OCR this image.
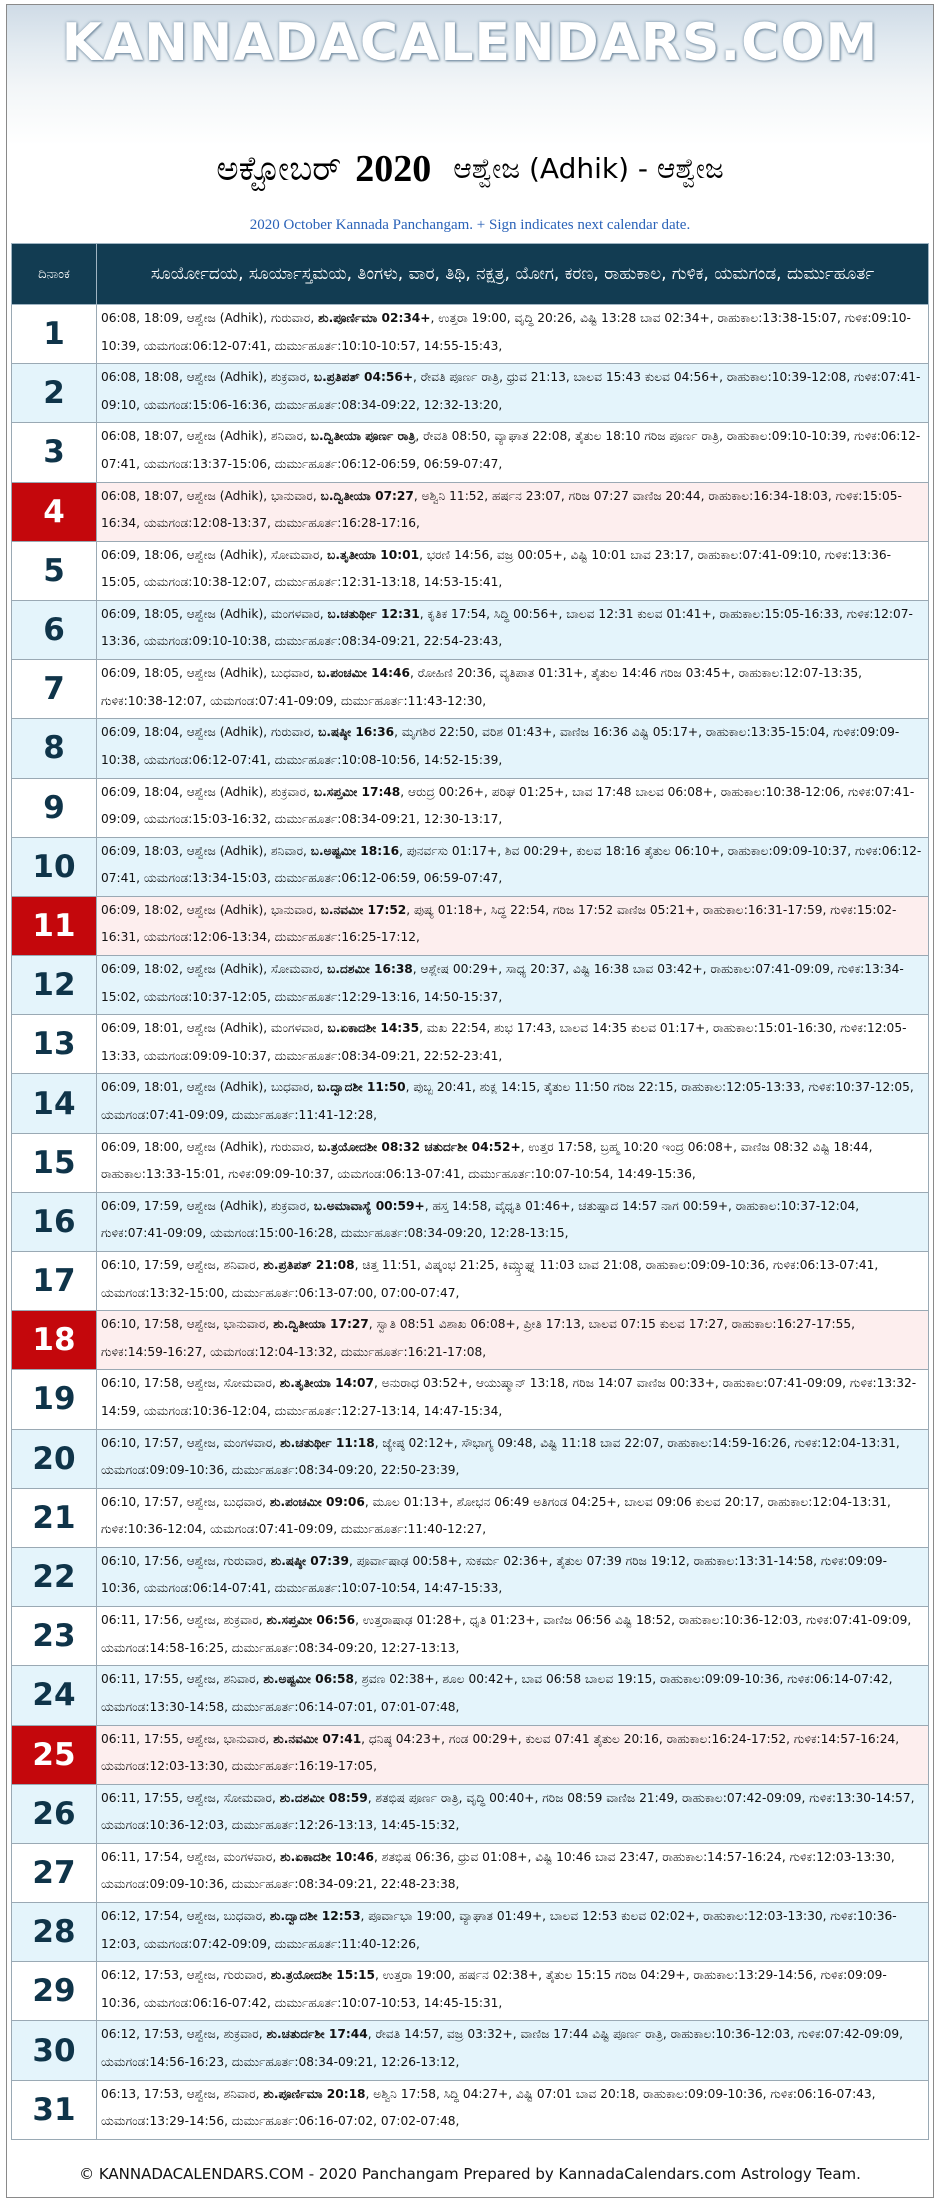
KANNADACALENDARS.COM
ಅಕ್ಟೋಬರ್ 2020 ಆಶ್ವೇಜ (Adhik) - ಆಶ್ವೇಜ
2020 October Kannada Panchangam. + Sign indicates next calendar date.
ದಿನಾಂಕ	ಸೂರ್ಯೋದಯ, ಸೂರ್ಯಾಸ್ತಮಯ, ತಿಂಗಳು, ವಾರ, ತಿಥಿ, ನಕ್ಷತ್ರ, ಯೋಗ, ಕರಣ, ರಾಹುಕಾಲ, ಗುಳಿಕ, ಯಮಗಂಡ, ದುರ್ಮುಹೂರ್ತ
1	06:08, 18:09, ಆಶ್ವೇಜ (Adhik), ಗುರುವಾರ, ಶು.ಪೂರ್ಣಿಮಾ 02:34+, ಉತ್ತರಾ 19:00, ವೃದ್ಧಿ 20:26, ವಿಷ್ಟಿ 13:28 ಬಾವ 02:34+, ರಾಹುಕಾಲ:13:38-15:07, ಗುಳಿಕ:09:10-10:39, ಯಮಗಂಡ:06:12-07:41, ದುರ್ಮುಹೂರ್ತ:10:10-10:57, 14:55-15:43,
2	06:08, 18:08, ಆಶ್ವೇಜ (Adhik), ಶುಕ್ರವಾರ, ಬ.ಪ್ರತಿಪತ್ 04:56+, ರೇವತಿ ಪೂರ್ಣ ರಾತ್ರಿ, ಧ್ರುವ 21:13, ಬಾಲವ 15:43 ಕುಲವ 04:56+, ರಾಹುಕಾಲ:10:39-12:08, ಗುಳಿಕ:07:41-09:10, ಯಮಗಂಡ:15:06-16:36, ದುರ್ಮುಹೂರ್ತ:08:34-09:22, 12:32-13:20,
3	06:08, 18:07, ಆಶ್ವೇಜ (Adhik), ಶನಿವಾರ, ಬ.ದ್ವಿತೀಯಾ ಪೂರ್ಣ ರಾತ್ರಿ, ರೇವತಿ 08:50, ವ್ಯಾಘಾತ 22:08, ತೈತುಲ 18:10 ಗರಿಜ ಪೂರ್ಣ ರಾತ್ರಿ, ರಾಹುಕಾಲ:09:10-10:39, ಗುಳಿಕ:06:12-07:41, ಯಮಗಂಡ:13:37-15:06, ದುರ್ಮುಹೂರ್ತ:06:12-06:59, 06:59-07:47,
4	06:08, 18:07, ಆಶ್ವೇಜ (Adhik), ಭಾನುವಾರ, ಬ.ದ್ವಿತೀಯಾ 07:27, ಅಶ್ವಿನಿ 11:52, ಹರ್ಷನ 23:07, ಗರಿಜ 07:27 ವಾಣಿಜ 20:44, ರಾಹುಕಾಲ:16:34-18:03, ಗುಳಿಕ:15:05-16:34, ಯಮಗಂಡ:12:08-13:37, ದುರ್ಮುಹೂರ್ತ:16:28-17:16,
5	06:09, 18:06, ಆಶ್ವೇಜ (Adhik), ಸೋಮವಾರ, ಬ.ತೃತೀಯಾ 10:01, ಭರಣಿ 14:56, ವಜ್ರ 00:05+, ವಿಷ್ಟಿ 10:01 ಬಾವ 23:17, ರಾಹುಕಾಲ:07:41-09:10, ಗುಳಿಕ:13:36-15:05, ಯಮಗಂಡ:10:38-12:07, ದುರ್ಮುಹೂರ್ತ:12:31-13:18, 14:53-15:41,
6	06:09, 18:05, ಆಶ್ವೇಜ (Adhik), ಮಂಗಳವಾರ, ಬ.ಚತುರ್ಥೀ 12:31, ಕೃತಿಕ 17:54, ಸಿದ್ಧಿ 00:56+, ಬಾಲವ 12:31 ಕುಲವ 01:41+, ರಾಹುಕಾಲ:15:05-16:33, ಗುಳಿಕ:12:07-13:36, ಯಮಗಂಡ:09:10-10:38, ದುರ್ಮುಹೂರ್ತ:08:34-09:21, 22:54-23:43,
7	06:09, 18:05, ಆಶ್ವೇಜ (Adhik), ಬುಧವಾರ, ಬ.ಪಂಚಮೀ 14:46, ರೋಹಿಣಿ 20:36, ವ್ಯತಿಪಾತ 01:31+, ತೈತುಲ 14:46 ಗರಿಜ 03:45+, ರಾಹುಕಾಲ:12:07-13:35, ಗುಳಿಕ:10:38-12:07, ಯಮಗಂಡ:07:41-09:09, ದುರ್ಮುಹೂರ್ತ:11:43-12:30,
8	06:09, 18:04, ಆಶ್ವೇಜ (Adhik), ಗುರುವಾರ, ಬ.ಷಷ್ಠೀ 16:36, ಮೃಗಶಿರ 22:50, ವರಿಶ 01:43+, ವಾಣಿಜ 16:36 ವಿಷ್ಟಿ 05:17+, ರಾಹುಕಾಲ:13:35-15:04, ಗುಳಿಕ:09:09-10:38, ಯಮಗಂಡ:06:12-07:41, ದುರ್ಮುಹೂರ್ತ:10:08-10:56, 14:52-15:39,
9	06:09, 18:04, ಆಶ್ವೇಜ (Adhik), ಶುಕ್ರವಾರ, ಬ.ಸಪ್ತಮೀ 17:48, ಆರುದ್ರ 00:26+, ಪರಿಘ 01:25+, ಬಾವ 17:48 ಬಾಲವ 06:08+, ರಾಹುಕಾಲ:10:38-12:06, ಗುಳಿಕ:07:41-09:09, ಯಮಗಂಡ:15:03-16:32, ದುರ್ಮುಹೂರ್ತ:08:34-09:21, 12:30-13:17,
10	06:09, 18:03, ಆಶ್ವೇಜ (Adhik), ಶನಿವಾರ, ಬ.ಅಷ್ಟಮೀ 18:16, ಪುನರ್ವಸು 01:17+, ಶಿವ 00:29+, ಕುಲವ 18:16 ತೈತುಲ 06:10+, ರಾಹುಕಾಲ:09:09-10:37, ಗುಳಿಕ:06:12-07:41, ಯಮಗಂಡ:13:34-15:03, ದುರ್ಮುಹೂರ್ತ:06:12-06:59, 06:59-07:47,
11	06:09, 18:02, ಆಶ್ವೇಜ (Adhik), ಭಾನುವಾರ, ಬ.ನವಮೀ 17:52, ಪುಷ್ಯ 01:18+, ಸಿದ್ಧ 22:54, ಗರಿಜ 17:52 ವಾಣಿಜ 05:21+, ರಾಹುಕಾಲ:16:31-17:59, ಗುಳಿಕ:15:02-16:31, ಯಮಗಂಡ:12:06-13:34, ದುರ್ಮುಹೂರ್ತ:16:25-17:12,
12	06:09, 18:02, ಆಶ್ವೇಜ (Adhik), ಸೋಮವಾರ, ಬ.ದಶಮೀ 16:38, ಆಶ್ಲೇಷ 00:29+, ಸಾಧ್ಯ 20:37, ವಿಷ್ಟಿ 16:38 ಬಾವ 03:42+, ರಾಹುಕಾಲ:07:41-09:09, ಗುಳಿಕ:13:34-15:02, ಯಮಗಂಡ:10:37-12:05, ದುರ್ಮುಹೂರ್ತ:12:29-13:16, 14:50-15:37,
13	06:09, 18:01, ಆಶ್ವೇಜ (Adhik), ಮಂಗಳವಾರ, ಬ.ಏಕಾದಶೀ 14:35, ಮಖ 22:54, ಶುಭ 17:43, ಬಾಲವ 14:35 ಕುಲವ 01:17+, ರಾಹುಕಾಲ:15:01-16:30, ಗುಳಿಕ:12:05-13:33, ಯಮಗಂಡ:09:09-10:37, ದುರ್ಮುಹೂರ್ತ:08:34-09:21, 22:52-23:41,
14	06:09, 18:01, ಆಶ್ವೇಜ (Adhik), ಬುಧವಾರ, ಬ.ದ್ವಾದಶೀ 11:50, ಪುಬ್ಬ 20:41, ಶುಕ್ಲ 14:15, ತೈತುಲ 11:50 ಗರಿಜ 22:15, ರಾಹುಕಾಲ:12:05-13:33, ಗುಳಿಕ:10:37-12:05, ಯಮಗಂಡ:07:41-09:09, ದುರ್ಮುಹೂರ್ತ:11:41-12:28,
15	06:09, 18:00, ಆಶ್ವೇಜ (Adhik), ಗುರುವಾರ, ಬ.ತ್ರಯೋದಶೀ 08:32 ಚತುರ್ದಶೀ 04:52+, ಉತ್ತರ 17:58, ಬ್ರಹ್ಮ 10:20 ಇಂದ್ರ 06:08+, ವಾಣಿಜ 08:32 ವಿಷ್ಟಿ 18:44, ರಾಹುಕಾಲ:13:33-15:01, ಗುಳಿಕ:09:09-10:37, ಯಮಗಂಡ:06:13-07:41, ದುರ್ಮುಹೂರ್ತ:10:07-10:54, 14:49-15:36,
16	06:09, 17:59, ಆಶ್ವೇಜ (Adhik), ಶುಕ್ರವಾರ, ಬ.ಅಮಾವಾಸ್ಯೆ 00:59+, ಹಸ್ತ 14:58, ವೈಧೃತಿ 01:46+, ಚತುಷ್ಪಾದ 14:57 ನಾಗ 00:59+, ರಾಹುಕಾಲ:10:37-12:04, ಗುಳಿಕ:07:41-09:09, ಯಮಗಂಡ:15:00-16:28, ದುರ್ಮುಹೂರ್ತ:08:34-09:20, 12:28-13:15,
17	06:10, 17:59, ಆಶ್ವೇಜ, ಶನಿವಾರ, ಶು.ಪ್ರತಿಪತ್ 21:08, ಚಿತ್ತ 11:51, ವಿಷ್ಕಂಭ 21:25, ಕಿಮ್ಸ್ತುಘ್ನ 11:03 ಬಾವ 21:08, ರಾಹುಕಾಲ:09:09-10:36, ಗುಳಿಕ:06:13-07:41, ಯಮಗಂಡ:13:32-15:00, ದುರ್ಮುಹೂರ್ತ:06:13-07:00, 07:00-07:47,
18	06:10, 17:58, ಆಶ್ವೇಜ, ಭಾನುವಾರ, ಶು.ದ್ವಿತೀಯಾ 17:27, ಸ್ವಾತಿ 08:51 ವಿಶಾಖ 06:08+, ಪ್ರೀತಿ 17:13, ಬಾಲವ 07:15 ಕುಲವ 17:27, ರಾಹುಕಾಲ:16:27-17:55, ಗುಳಿಕ:14:59-16:27, ಯಮಗಂಡ:12:04-13:32, ದುರ್ಮುಹೂರ್ತ:16:21-17:08,
19	06:10, 17:58, ಆಶ್ವೇಜ, ಸೋಮವಾರ, ಶು.ತೃತೀಯಾ 14:07, ಅನುರಾಧ 03:52+, ಆಯುಷ್ಮಾನ್ 13:18, ಗರಿಜ 14:07 ವಾಣಿಜ 00:33+, ರಾಹುಕಾಲ:07:41-09:09, ಗುಳಿಕ:13:32-14:59, ಯಮಗಂಡ:10:36-12:04, ದುರ್ಮುಹೂರ್ತ:12:27-13:14, 14:47-15:34,
20	06:10, 17:57, ಆಶ್ವೇಜ, ಮಂಗಳವಾರ, ಶು.ಚತುರ್ಥೀ 11:18, ಜ್ಯೇಷ್ಠ 02:12+, ಸೌಭಾಗ್ಯ 09:48, ವಿಷ್ಟಿ 11:18 ಬಾವ 22:07, ರಾಹುಕಾಲ:14:59-16:26, ಗುಳಿಕ:12:04-13:31, ಯಮಗಂಡ:09:09-10:36, ದುರ್ಮುಹೂರ್ತ:08:34-09:20, 22:50-23:39,
21	06:10, 17:57, ಆಶ್ವೇಜ, ಬುಧವಾರ, ಶು.ಪಂಚಮೀ 09:06, ಮೂಲ 01:13+, ಶೋಭನ 06:49 ಅತಿಗಂಡ 04:25+, ಬಾಲವ 09:06 ಕುಲವ 20:17, ರಾಹುಕಾಲ:12:04-13:31, ಗುಳಿಕ:10:36-12:04, ಯಮಗಂಡ:07:41-09:09, ದುರ್ಮುಹೂರ್ತ:11:40-12:27,
22	06:10, 17:56, ಆಶ್ವೇಜ, ಗುರುವಾರ, ಶು.ಷಷ್ಠೀ 07:39, ಪೂರ್ವಾಷಾಢ 00:58+, ಸುಕರ್ಮ 02:36+, ತೈತುಲ 07:39 ಗರಿಜ 19:12, ರಾಹುಕಾಲ:13:31-14:58, ಗುಳಿಕ:09:09-10:36, ಯಮಗಂಡ:06:14-07:41, ದುರ್ಮುಹೂರ್ತ:10:07-10:54, 14:47-15:33,
23	06:11, 17:56, ಆಶ್ವೇಜ, ಶುಕ್ರವಾರ, ಶು.ಸಪ್ತಮೀ 06:56, ಉತ್ತರಾಷಾಢ 01:28+, ಧೃತಿ 01:23+, ವಾಣಿಜ 06:56 ವಿಷ್ಟಿ 18:52, ರಾಹುಕಾಲ:10:36-12:03, ಗುಳಿಕ:07:41-09:09, ಯಮಗಂಡ:14:58-16:25, ದುರ್ಮುಹೂರ್ತ:08:34-09:20, 12:27-13:13,
24	06:11, 17:55, ಆಶ್ವೇಜ, ಶನಿವಾರ, ಶು.ಅಷ್ಟಮೀ 06:58, ಶ್ರವಣ 02:38+, ಶೂಲ 00:42+, ಬಾವ 06:58 ಬಾಲವ 19:15, ರಾಹುಕಾಲ:09:09-10:36, ಗುಳಿಕ:06:14-07:42, ಯಮಗಂಡ:13:30-14:58, ದುರ್ಮುಹೂರ್ತ:06:14-07:01, 07:01-07:48,
25	06:11, 17:55, ಆಶ್ವೇಜ, ಭಾನುವಾರ, ಶು.ನವಮೀ 07:41, ಧನಿಷ್ಠ 04:23+, ಗಂಡ 00:29+, ಕುಲವ 07:41 ತೈತುಲ 20:16, ರಾಹುಕಾಲ:16:24-17:52, ಗುಳಿಕ:14:57-16:24, ಯಮಗಂಡ:12:03-13:30, ದುರ್ಮುಹೂರ್ತ:16:19-17:05,
26	06:11, 17:55, ಆಶ್ವೇಜ, ಸೋಮವಾರ, ಶು.ದಶಮೀ 08:59, ಶತಭಿಷ ಪೂರ್ಣ ರಾತ್ರಿ, ವೃದ್ಧಿ 00:40+, ಗರಿಜ 08:59 ವಾಣಿಜ 21:49, ರಾಹುಕಾಲ:07:42-09:09, ಗುಳಿಕ:13:30-14:57, ಯಮಗಂಡ:10:36-12:03, ದುರ್ಮುಹೂರ್ತ:12:26-13:13, 14:45-15:32,
27	06:11, 17:54, ಆಶ್ವೇಜ, ಮಂಗಳವಾರ, ಶು.ಏಕಾದಶೀ 10:46, ಶತಭಿಷ 06:36, ಧ್ರುವ 01:08+, ವಿಷ್ಟಿ 10:46 ಬಾವ 23:47, ರಾಹುಕಾಲ:14:57-16:24, ಗುಳಿಕ:12:03-13:30, ಯಮಗಂಡ:09:09-10:36, ದುರ್ಮುಹೂರ್ತ:08:34-09:21, 22:48-23:38,
28	06:12, 17:54, ಆಶ್ವೇಜ, ಬುಧವಾರ, ಶು.ದ್ವಾದಶೀ 12:53, ಪೂರ್ವಾಭಾ 19:00, ವ್ಯಾಘಾತ 01:49+, ಬಾಲವ 12:53 ಕುಲವ 02:02+, ರಾಹುಕಾಲ:12:03-13:30, ಗುಳಿಕ:10:36-12:03, ಯಮಗಂಡ:07:42-09:09, ದುರ್ಮುಹೂರ್ತ:11:40-12:26,
29	06:12, 17:53, ಆಶ್ವೇಜ, ಗುರುವಾರ, ಶು.ತ್ರಯೋದಶೀ 15:15, ಉತ್ತರಾ 19:00, ಹರ್ಷನ 02:38+, ತೈತುಲ 15:15 ಗರಿಜ 04:29+, ರಾಹುಕಾಲ:13:29-14:56, ಗುಳಿಕ:09:09-10:36, ಯಮಗಂಡ:06:16-07:42, ದುರ್ಮುಹೂರ್ತ:10:07-10:53, 14:45-15:31,
30	06:12, 17:53, ಆಶ್ವೇಜ, ಶುಕ್ರವಾರ, ಶು.ಚತುರ್ದಶೀ 17:44, ರೇವತಿ 14:57, ವಜ್ರ 03:32+, ವಾಣಿಜ 17:44 ವಿಷ್ಟಿ ಪೂರ್ಣ ರಾತ್ರಿ, ರಾಹುಕಾಲ:10:36-12:03, ಗುಳಿಕ:07:42-09:09, ಯಮಗಂಡ:14:56-16:23, ದುರ್ಮುಹೂರ್ತ:08:34-09:21, 12:26-13:12,
31	06:13, 17:53, ಆಶ್ವೇಜ, ಶನಿವಾರ, ಶು.ಪೂರ್ಣಿಮಾ 20:18, ಅಶ್ವಿನಿ 17:58, ಸಿದ್ಧಿ 04:27+, ವಿಷ್ಟಿ 07:01 ಬಾವ 20:18, ರಾಹುಕಾಲ:09:09-10:36, ಗುಳಿಕ:06:16-07:43, ಯಮಗಂಡ:13:29-14:56, ದುರ್ಮುಹೂರ್ತ:06:16-07:02, 07:02-07:48,
© KANNADACALENDARS.COM - 2020 Panchangam Prepared by KannadaCalendars.com Astrology Team.
